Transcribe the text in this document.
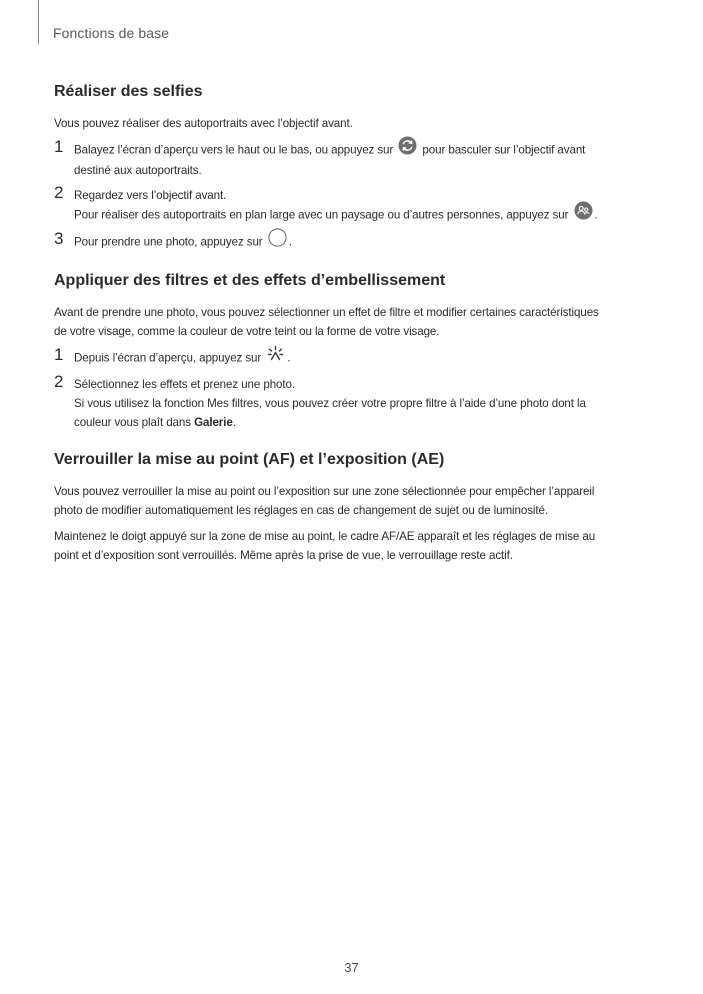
Fonctions de base
Réaliser des selfies

Vous pouvez réaliser des autoportraits avec l’objectif avant.

1 Balayez l’écran d’aperçu vers le haut ou le bas, ou appuyez sur  pour basculer sur l’objectif avant
destiné aux autoportraits.
2 Regardez vers l’objectif avant.
Pour réaliser des autoportraits en plan large avec un paysage ou d’autres personnes, appuyez sur .
3 Pour prendre une photo, appuyez sur .
Appliquer des filtres et des effets d’embellissement

Avant de prendre une photo, vous pouvez sélectionner un effet de filtre et modifier certaines caractéristiques
de votre visage, comme la couleur de votre teint ou la forme de votre visage.

1 Depuis l’écran d’aperçu, appuyez sur .
2 Sélectionnez les effets et prenez une photo.
Si vous utilisez la fonction Mes filtres, vous pouvez créer votre propre filtre à l’aide d’une photo dont la
couleur vous plaît dans Galerie.
Verrouiller la mise au point (AF) et l’exposition (AE)

Vous pouvez verrouiller la mise au point ou l’exposition sur une zone sélectionnée pour empêcher l’appareil
photo de modifier automatiquement les réglages en cas de changement de sujet ou de luminosité.

Maintenez le doigt appuyé sur la zone de mise au point, le cadre AF/AE apparaît et les réglages de mise au
point et d’exposition sont verrouillés. Même après la prise de vue, le verrouillage reste actif.

37
